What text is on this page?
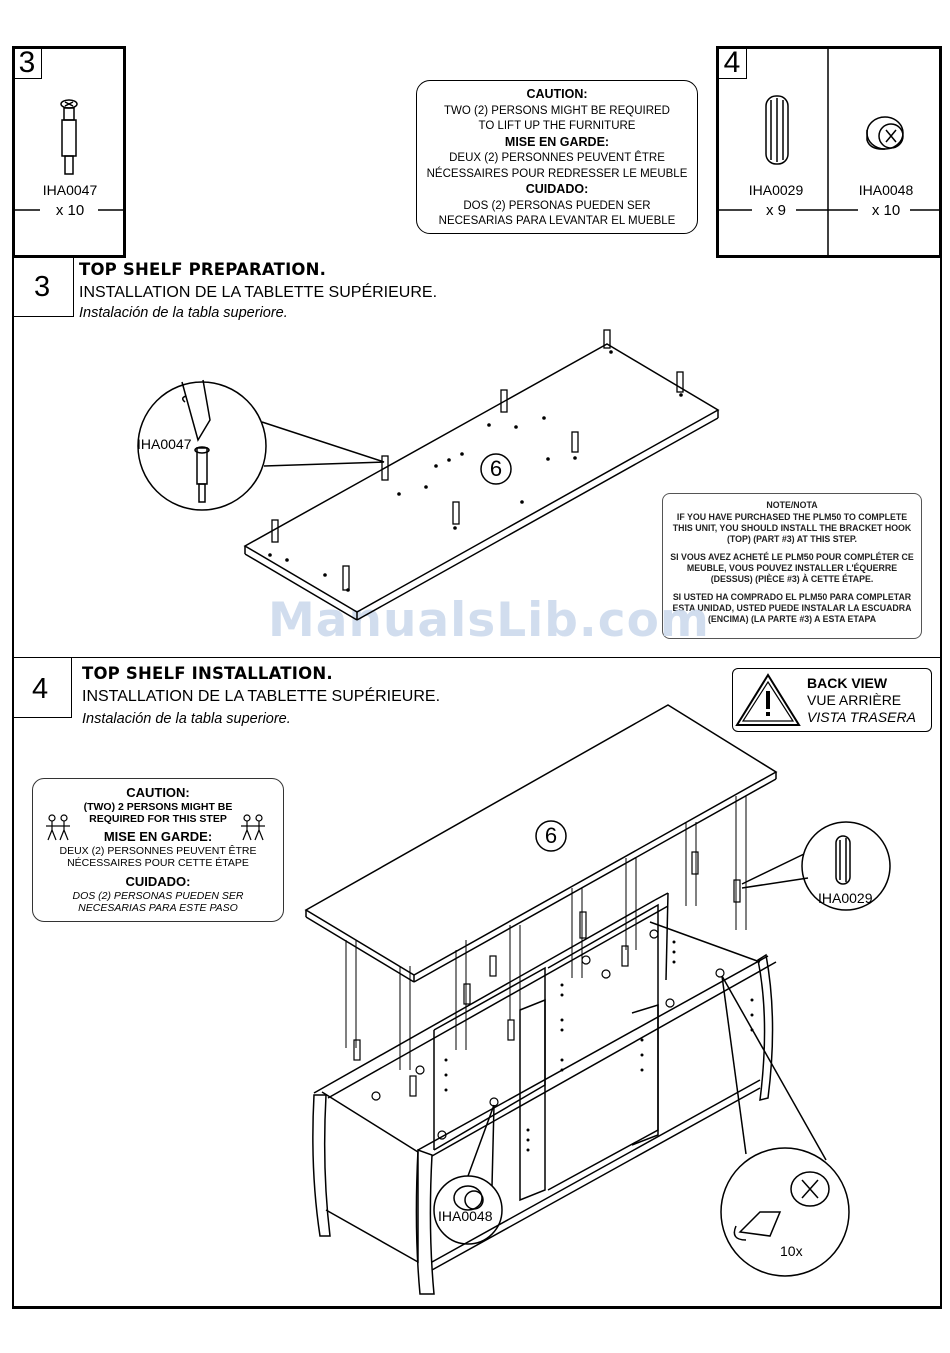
3
IHA0047
x 10
CAUTION:
TWO (2) PERSONS MIGHT BE REQUIRED
TO LIFT UP THE FURNITURE
MISE EN GARDE:
DEUX (2) PERSONNES PEUVENT ÊTRE
NÉCESSAIRES POUR REDRESSER LE MEUBLE
CUIDADO:
DOS (2) PERSONAS PUEDEN SER
NECESARIAS PARA LEVANTAR EL MUEBLE
4
IHA0029
x 9
IHA0048
x 10
3
TOP SHELF PREPARATION.
INSTALLATION DE LA TABLETTE SUPÉRIEURE.
Instalación de la tabla superiore.

NOTE/NOTA

IF YOU HAVE PURCHASED THE PLM50 TO COMPLETE THIS UNIT, YOU SHOULD INSTALL THE BRACKET HOOK (TOP) (PART #3) AT THIS STEP.

SI VOUS AVEZ ACHETÉ LE PLM50 POUR COMPLÉTER CE MEUBLE, VOUS POUVEZ INSTALLER L'ÉQUERRE (DESSUS) (PIÈCE #3) À CETTE ÉTAPE.

SI USTED HA COMPRADO EL PLM50 PARA COMPLETAR ESTA UNIDAD, USTED PUEDE INSTALAR LA ESCUADRA (ENCIMA) (LA PARTE #3) A ESTA ETAPA

ManualsLib.com
4 TOP SHELF INSTALLATION.
INSTALLATION DE LA TABLETTE SUPÉRIEURE.
Instalación de la tabla superiore.
BACK VIEW
VUE ARRIÈRE
VISTA TRASERA
CAUTION:
(TWO) 2 PERSONS MIGHT BE
REQUIRED FOR THIS STEP
MISE EN GARDE:
DEUX (2) PERSONNES PEUVENT ÊTRE
NÉCESSAIRES POUR CETTE ÉTAPE
CUIDADO:
DOS (2) PERSONAS PUEDEN SER
NECESARIAS PARA ESTE PASO
IHA0047
6
6
IHA0029
IHA0048
10x
